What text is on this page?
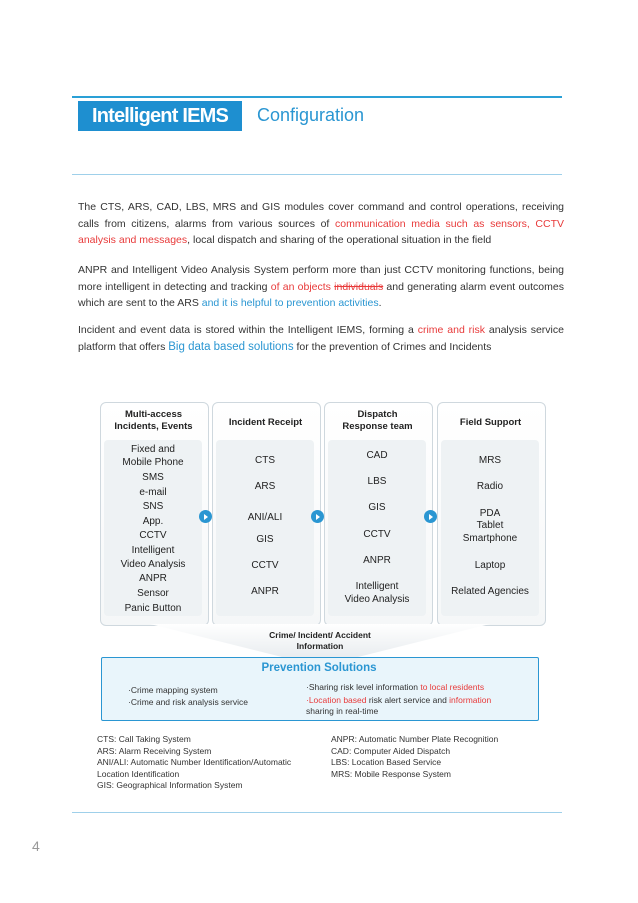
Intelligent IEMS	Configuration
The CTS, ARS, CAD, LBS, MRS and GIS modules cover command and control operations, receiving calls from citizens, alarms from various sources of communication media such as sensors, CCTV analysis and messages, local dispatch and sharing of the operational situation in the field
ANPR and Intelligent Video Analysis System perform more than just CCTV monitoring functions, being more intelligent in detecting and tracking of an objects individuals and generating alarm event outcomes which are sent to the ARS and it is helpful to prevention activities.
Incident and event data is stored within the Intelligent IEMS, forming a crime and risk analysis service platform that offers Big data based solutions for the prevention of Crimes and Incidents
Multi-access
Incidents, Events
Fixed and
Mobile Phone
SMS
e-mail
SNS
App.
CCTV
Intelligent
Video Analysis
ANPR
Sensor
Panic Button
Incident Receipt
CTS
ARS
ANI/ALI
GIS
CCTV
ANPR
Dispatch
Response team
CAD
LBS
GIS
CCTV
ANPR
Intelligent
Video Analysis
Field Support
MRS
Radio
PDA
Tablet
Smartphone
Laptop
Related Agencies
Crime/ Incident/ Accident
Information
Prevention Solutions
·Crime mapping system
·Crime and risk analysis service
·Sharing risk level information to local residents
·Location based risk alert service and information
sharing in real-time
CTS: Call Taking System
ARS: Alarm Receiving System
ANI/ALI: Automatic Number Identification/Automatic
Location Identification
GIS: Geographical Information System
ANPR: Automatic Number Plate Recognition
CAD: Computer Aided Dispatch
LBS: Location Based Service
MRS: Mobile Response System
4
